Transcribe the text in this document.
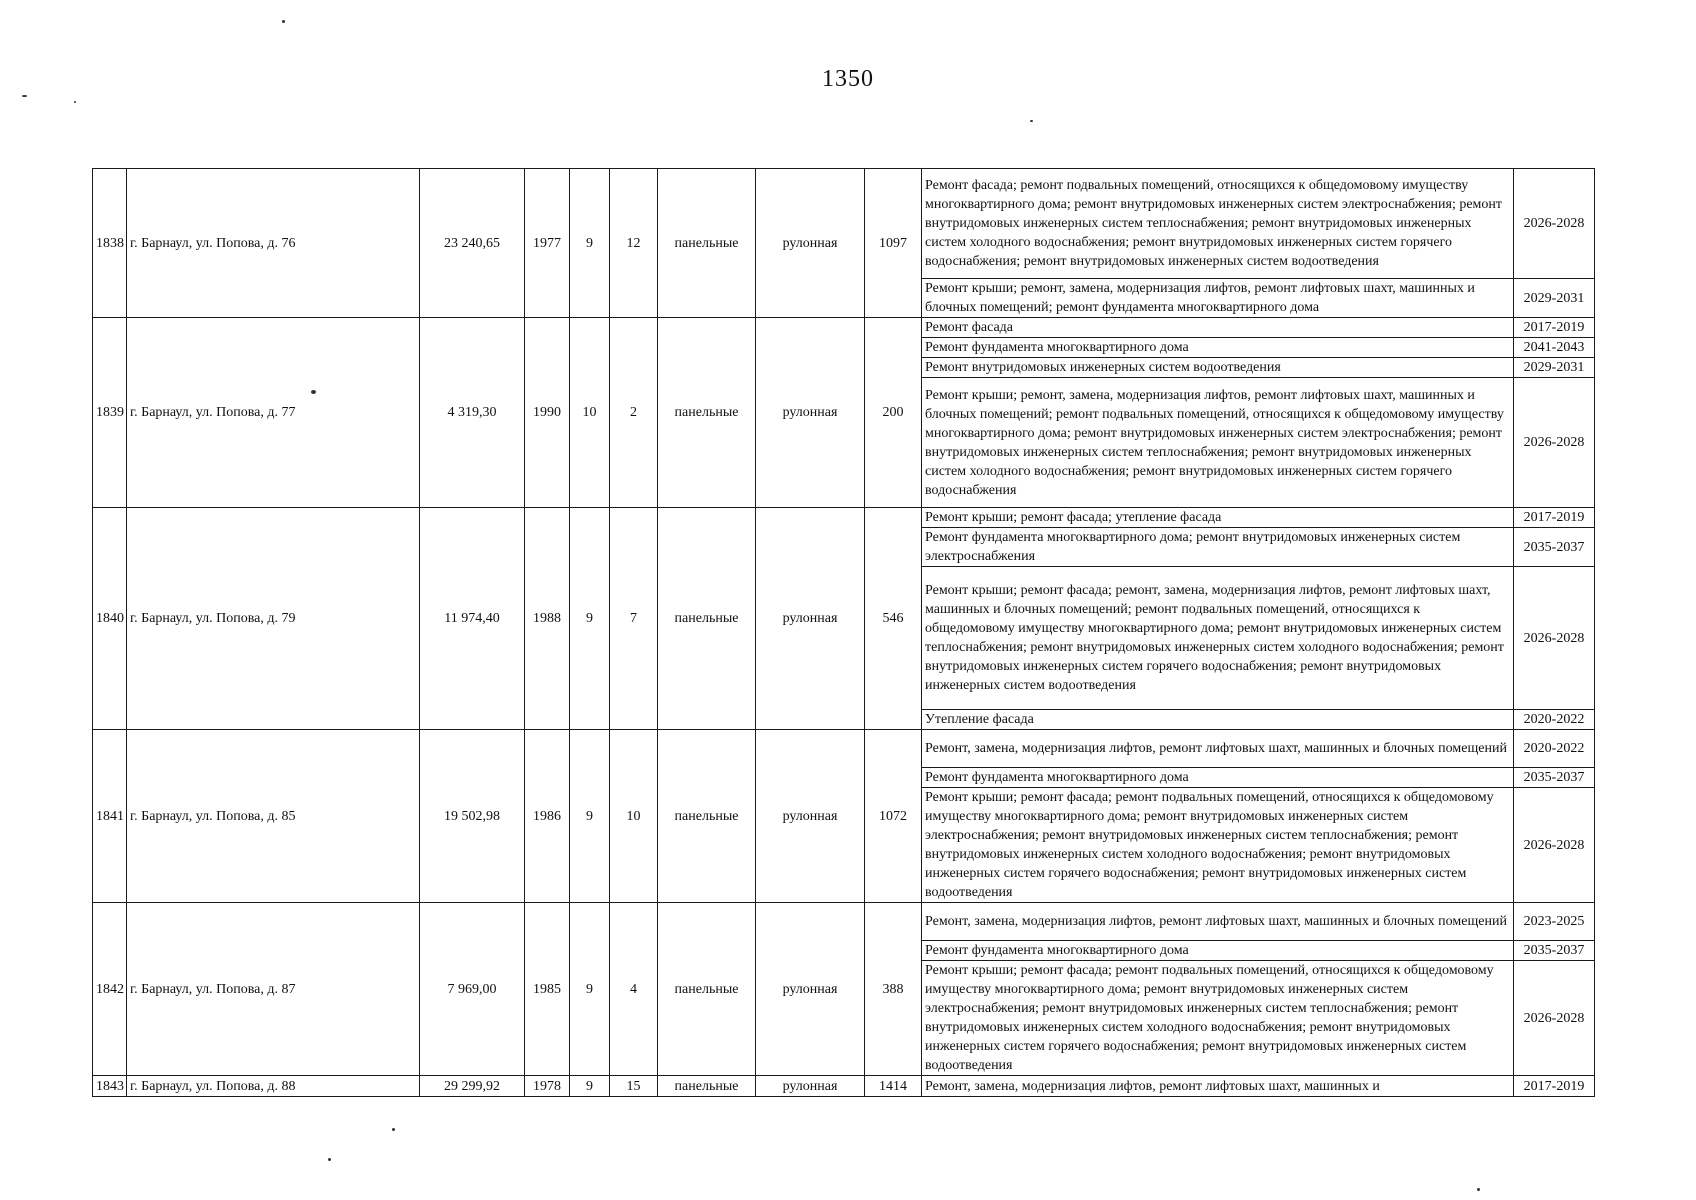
1350
1838	г. Барнаул, ул. Попова, д. 76	23 240,65	1977	9	12	панельные	рулонная	1097	Ремонт фасада; ремонт подвальных помещений, относящихся к общедомовому имуществу многоквартирного дома; ремонт внутридомовых инженерных систем электроснабжения; ремонт внутридомовых инженерных систем теплоснабжения; ремонт внутридомовых инженерных систем холодного водоснабжения; ремонт внутридомовых инженерных систем горячего водоснабжения; ремонт внутридомовых инженерных систем водоотведения	2026-2028
									Ремонт крыши; ремонт, замена, модернизация лифтов, ремонт лифтовых шахт, машинных и блочных помещений; ремонт фундамента многоквартирного дома	2029-2031
1839	г. Барнаул, ул. Попова, д. 77	4 319,30	1990	10	2	панельные	рулонная	200	Ремонт фасада	2017-2019
									Ремонт фундамента многоквартирного дома	2041-2043
									Ремонт внутридомовых инженерных систем водоотведения	2029-2031
									Ремонт крыши; ремонт, замена, модернизация лифтов, ремонт лифтовых шахт, машинных и блочных помещений; ремонт подвальных помещений, относящихся к общедомовому имуществу многоквартирного дома; ремонт внутридомовых инженерных систем электроснабжения; ремонт внутридомовых инженерных систем теплоснабжения; ремонт внутридомовых инженерных систем холодного водоснабжения; ремонт внутридомовых инженерных систем горячего водоснабжения	2026-2028
1840	г. Барнаул, ул. Попова, д. 79	11 974,40	1988	9	7	панельные	рулонная	546	Ремонт крыши; ремонт фасада; утепление фасада	2017-2019
									Ремонт фундамента многоквартирного дома; ремонт внутридомовых инженерных систем электроснабжения	2035-2037
									Ремонт крыши; ремонт фасада; ремонт, замена, модернизация лифтов, ремонт лифтовых шахт, машинных и блочных помещений; ремонт подвальных помещений, относящихся к общедомовому имуществу многоквартирного дома; ремонт внутридомовых инженерных систем теплоснабжения; ремонт внутридомовых инженерных систем холодного водоснабжения; ремонт внутридомовых инженерных систем горячего водоснабжения; ремонт внутридомовых инженерных систем водоотведения	2026-2028
									Утепление фасада	2020-2022
1841	г. Барнаул, ул. Попова, д. 85	19 502,98	1986	9	10	панельные	рулонная	1072	Ремонт, замена, модернизация лифтов, ремонт лифтовых шахт, машинных и блочных помещений	2020-2022
									Ремонт фундамента многоквартирного дома	2035-2037
									Ремонт крыши; ремонт фасада; ремонт подвальных помещений, относящихся к общедомовому имуществу многоквартирного дома; ремонт внутридомовых инженерных систем электроснабжения; ремонт внутридомовых инженерных систем теплоснабжения; ремонт внутридомовых инженерных систем холодного водоснабжения; ремонт внутридомовых инженерных систем горячего водоснабжения; ремонт внутридомовых инженерных систем водоотведения	2026-2028
1842	г. Барнаул, ул. Попова, д. 87	7 969,00	1985	9	4	панельные	рулонная	388	Ремонт, замена, модернизация лифтов, ремонт лифтовых шахт, машинных и блочных помещений	2023-2025
									Ремонт фундамента многоквартирного дома	2035-2037
									Ремонт крыши; ремонт фасада; ремонт подвальных помещений, относящихся к общедомовому имуществу многоквартирного дома; ремонт внутридомовых инженерных систем электроснабжения; ремонт внутридомовых инженерных систем теплоснабжения; ремонт внутридомовых инженерных систем холодного водоснабжения; ремонт внутридомовых инженерных систем горячего водоснабжения; ремонт внутридомовых инженерных систем водоотведения	2026-2028
1843	г. Барнаул, ул. Попова, д. 88	29 299,92	1978	9	15	панельные	рулонная	1414	Ремонт, замена, модернизация лифтов, ремонт лифтовых шахт, машинных и	2017-2019
